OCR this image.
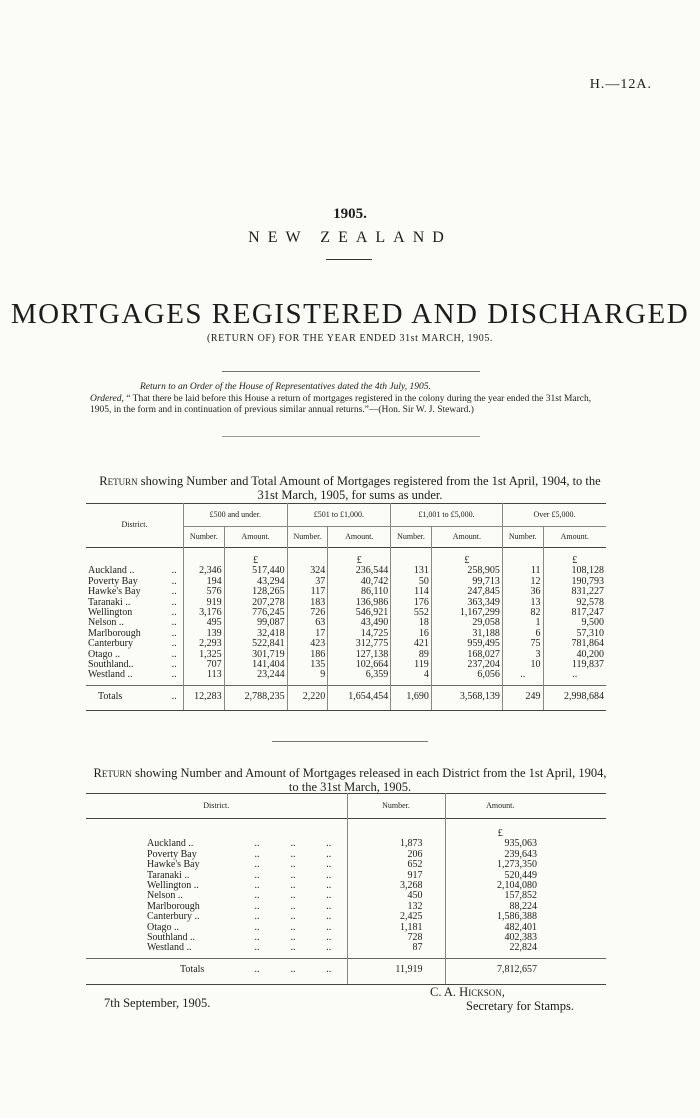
H.—12A.
1905.
NEW ZEALAND
MORTGAGES REGISTERED AND DISCHARGED
(RETURN OF) FOR THE YEAR ENDED 31st MARCH, 1905.
Return to an Order of the House of Representatives dated the 4th July, 1905.
Ordered, “ That there be laid before this House a return of mortgages registered in the colony during the year ended the 31st March, 1905, in the form and in continuation of previous similar annual returns.”—(Hon. Sir W. J. Steward.)
Return showing Number and Total Amount of Mortgages registered from the 1st April, 1904, to the 31st March, 1905, for sums as under.
District.		£500 and under.		£501 to £1,000.		£1,001 to £5,000.		Over £5,000.	
		Number.	Amount.	Number.	Amount.	Number.	Amount.	Number.	Amount.
			£		£		£		£
Auckland ..	..	2,346	517,440	324	236,544	131	258,905	11	108,128
Poverty Bay	..	194	43,294	37	40,742	50	99,713	12	190,793
Hawke's Bay	..	576	128,265	117	86,110	114	247,845	36	831,227
Taranaki ..	..	919	207,278	183	136,986	176	363,349	13	92,578
Wellington	..	3,176	776,245	726	546,921	552	1,167,299	82	817,247
Nelson ..	..	495	99,087	63	43,490	18	29,058	1	9,500
Marlborough	..	139	32,418	17	14,725	16	31,188	6	57,310
Canterbury	..	2,293	522,841	423	312,775	421	959,495	75	781,864
Otago ..	..	1,325	301,719	186	127,138	89	168,027	3	40,200
Southland..	..	707	141,404	135	102,664	119	237,204	10	119,837
Westland ..	..	113	23,244	9	6,359	4	6,056	..	..
Totals	..	12,283	2,788,235	2,220	1,654,454	1,690	3,568,139	249	2,998,684
Return showing Number and Amount of Mortgages released in each District from the 1st April, 1904, to the 31st March, 1905.
District.					Number.	Amount.	
						£	
	Auckland ..	..	..	..	1,873	935,063	
	Poverty Bay	..	..	..	206	239,643	
	Hawke's Bay	..	..	..	652	1,273,350	
	Taranaki ..	..	..	..	917	520,449	
	Wellington ..	..	..	..	3,268	2,104,080	
	Nelson ..	..	..	..	450	157,852	
	Marlborough	..	..	..	132	88,224	
	Canterbury ..	..	..	..	2,425	1,586,388	
	Otago ..	..	..	..	1,181	482,401	
	Southland ..	..	..	..	728	402,383	
	Westland ..	..	..	..	87	22,824	
	Totals	..	..	..	11,919	7,812,657	
7th September, 1905.
C. A. Hickson,
Secretary for Stamps.
